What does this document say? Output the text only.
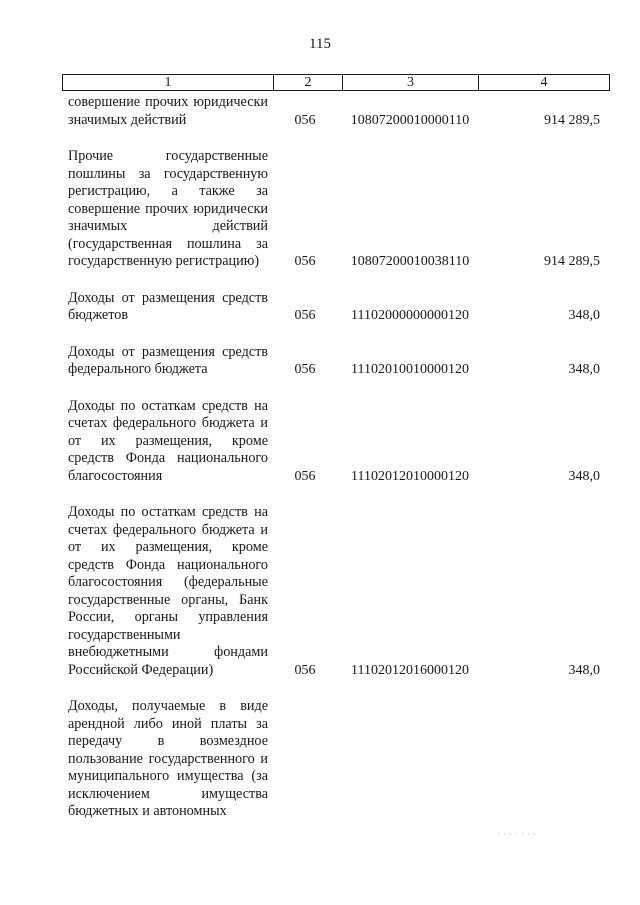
115
1	2	3	4
совершение прочих юридически значимых действий	056	10807200010000110	914 289,5
Прочие государственные пошлины за государственную регистрацию, а также за совершение прочих юридически значимых действий (государственная пошлина за государственную регистрацию)	056	10807200010038110	914 289,5
Доходы от размещения средств бюджетов	056	11102000000000120	348,0
Доходы от размещения средств федерального бюджета	056	11102010010000120	348,0
Доходы по остаткам средств на счетах федерального бюджета и от их размещения, кроме средств Фонда национального благосостояния	056	11102012010000120	348,0
Доходы по остаткам средств на счетах федерального бюджета и от их размещения, кроме средств Фонда национального благосостояния (федеральные государственные органы, Банк России, органы управления государственными внебюджетными фондами Российской Федерации)	056	11102012016000120	348,0
Доходы, получаемые в виде арендной либо иной платы за передачу в возмездное пользование государственного и муниципального имущества (за исключением имущества бюджетных и автономных
